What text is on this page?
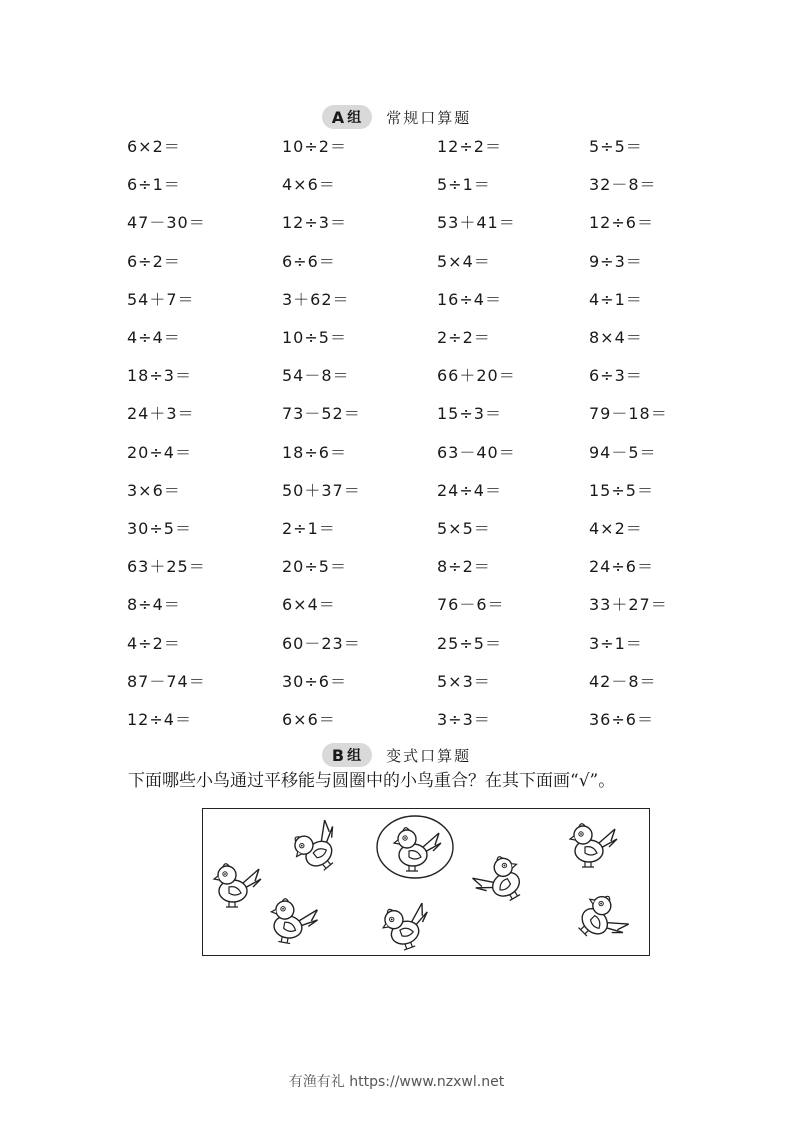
A 组 常规口算题
6×2＝	10÷2＝	12÷2＝	5÷5＝
6÷1＝	4×6＝	5÷1＝	32－8＝
47－30＝	12÷3＝	53＋41＝	12÷6＝
6÷2＝	6÷6＝	5×4＝	9÷3＝
54＋7＝	3＋62＝	16÷4＝	4÷1＝
4÷4＝	10÷5＝	2÷2＝	8×4＝
18÷3＝	54－8＝	66＋20＝	6÷3＝
24＋3＝	73－52＝	15÷3＝	79－18＝
20÷4＝	18÷6＝	63－40＝	94－5＝
3×6＝	50＋37＝	24÷4＝	15÷5＝
30÷5＝	2÷1＝	5×5＝	4×2＝
63＋25＝	20÷5＝	8÷2＝	24÷6＝
8÷4＝	6×4＝	76－6＝	33＋27＝
4÷2＝	60－23＝	25÷5＝	3÷1＝
87－74＝	30÷6＝	5×3＝	42－8＝
12÷4＝	6×6＝	3÷3＝	36÷6＝
B 组 变式口算题
下面哪些小鸟通过平移能与圆圈中的小鸟重合？在其下面画“√”。
有渔有礼 https://www.nzxwl.net
